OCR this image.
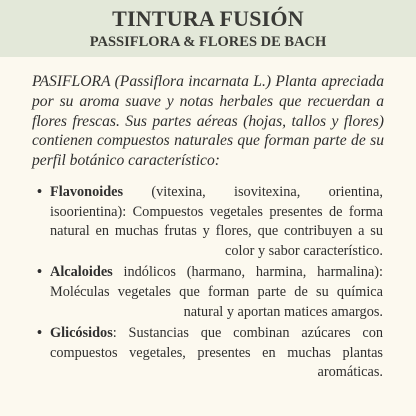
TINTURA FUSIÓN
PASSIFLORA & FLORES DE BACH
PASIFLORA (Passiflora incarnata L.) Planta apreciada por su aroma suave y notas herbales que recuerdan a flores frescas. Sus partes aéreas (hojas, tallos y flores) contienen compuestos naturales que forman parte de su perfil botánico característico:
• Flavonoides (vitexina, isovitexina, orientina, isoorientina): Compuestos vegetales presentes de forma natural en muchas frutas y flores, que contribuyen a su color y sabor característico.
• Alcaloides indólicos (harmano, harmina, harmalina): Moléculas vegetales que forman parte de su química natural y aportan matices amargos.
• Glicósidos: Sustancias que combinan azúcares con compuestos vegetales, presentes en muchas plantas aromáticas.
